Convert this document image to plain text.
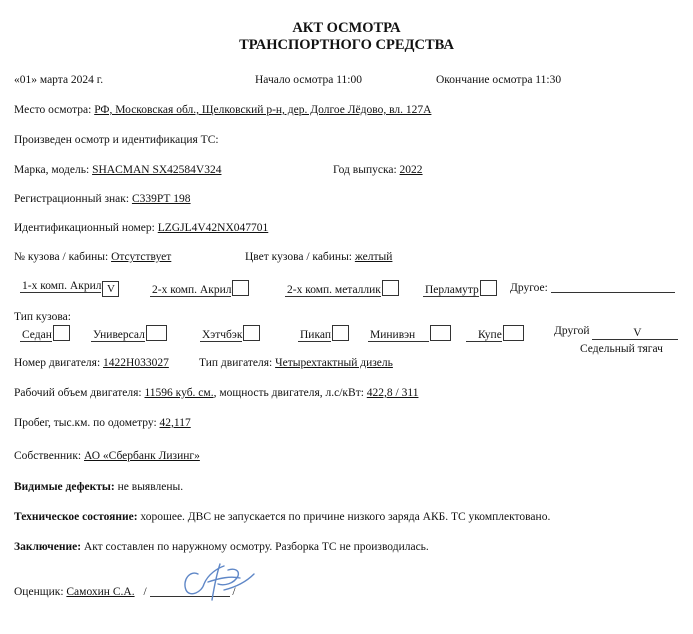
АКТ ОСМОТРА
ТРАНСПОРТНОГО СРЕДСТВА
«01» марта 2024 г.	Начало осмотра 11:00	Окончание осмотра 11:30
Место осмотра: РФ, Московская обл., Щелковский р-н, дер. Долгое Лёдово, вл. 127А
Произведен осмотр и идентификация ТС:
Марка, модель: SHACMAN SX42584V324	Год выпуска: 2022
Регистрационный знак: С339РТ 198
Идентификационный номер: LZGJL4V42NX047701
№ кузова / кабины: Отсутствует	Цвет кузова / кабины: желтый
1-х комп. Акрил V	2-х комп. Акрил	2-х комп. металлик	Перламутр	Другое:
Тип кузова:
Седан	Универсал	Хэтчбэк	Пикап	Минивэн	Купе	Другой	V
Седельный тягач
Номер двигателя: 1422Н033027	Тип двигателя: Четырехтактный дизель
Рабочий объем двигателя: 11596 куб. см., мощность двигателя, л.с/кВт: 422,8 / 311
Пробег, тыс.км. по одометру: 42,117
Собственник: АО «Сбербанк Лизинг»
Видимые дефекты: не выявлены.
Техническое состояние: хорошее. ДВС не запускается по причине низкого заряда АКБ. ТС укомплектовано.
Заключение: Акт составлен по наружному осмотру. Разборка ТС не производилась.
Оценщик: Самохин С.А. /	/
